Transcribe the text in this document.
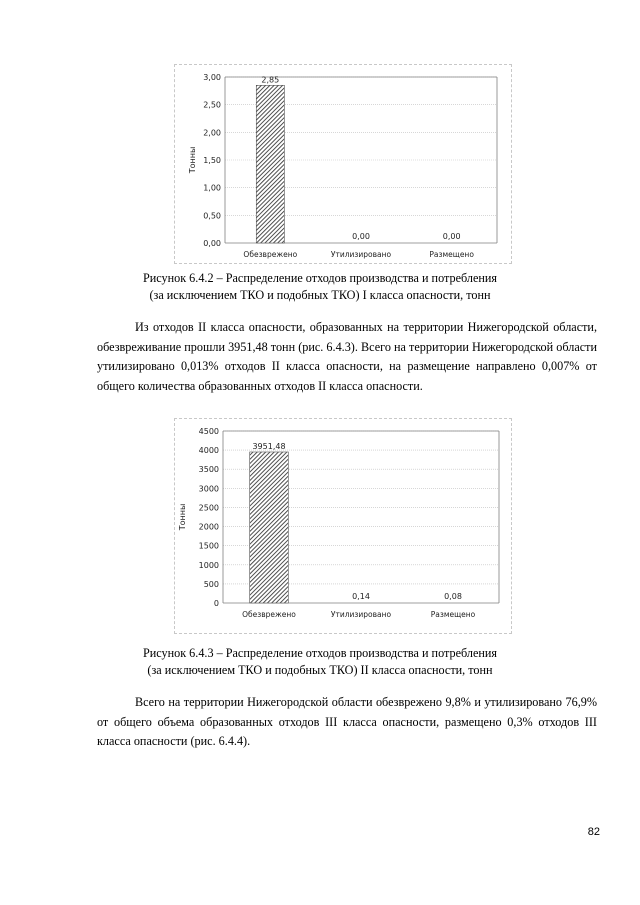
0,00
0,50
1,00
1,50
2,00
2,50
3,00	2,85
Обезврежено
0,00
Утилизировано
0,00
Размещено
Тонны
Рисунок 6.4.2 – Распределение отходов производства и потребления
(за исключением ТКО и подобных ТКО) I класса опасности, тонн
Из отходов II класса опасности, образованных на территории Нижегородской области, обезвреживание прошли 3951,48 тонн (рис. 6.4.3). Всего на территории Нижегородской области утилизировано 0,013% отходов II класса опасности, на размещение направлено 0,007% от общего количества образованных отходов II класса опасности.
0
500
1000
1500
2000
2500
3000
3500
4000
4500
3951,48
Обезврежено
0,14
Утилизировано
0,08
Размещено
Тонны
Рисунок 6.4.3 – Распределение отходов производства и потребления
(за исключением ТКО и подобных ТКО) II класса опасности, тонн
Всего на территории Нижегородской области обезврежено 9,8% и утилизировано 76,9% от общего объема образованных отходов III класса опасности, размещено 0,3% отходов III класса опасности (рис. 6.4.4).
82
